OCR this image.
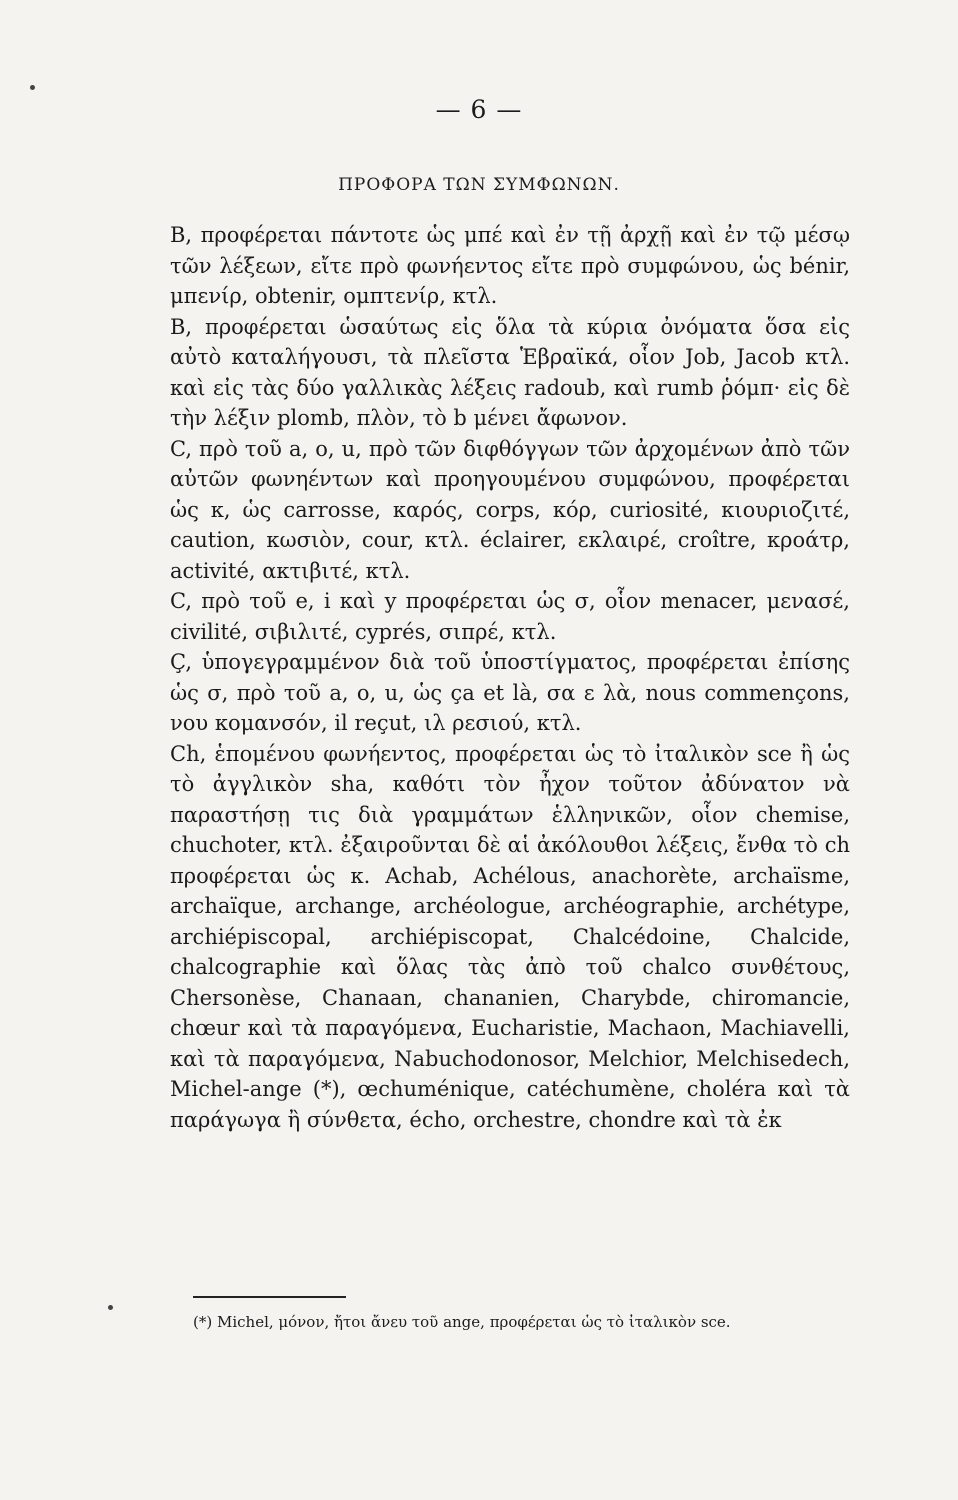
— 6 —
ΠΡΟΦΟΡΑ ΤΩΝ ΣΥΜΦΩΝΩΝ.

B, προφέρεται πάντοτε ὡς μπέ καὶ ἐν τῇ ἀρχῇ καὶ ἐν τῷ μέσῳ τῶν λέξεων, εἴτε πρὸ φωνήεντος εἴτε πρὸ συμφώνου, ὡς bénir, μπενίρ, obtenir, ομπτενίρ, κτλ.

B, προφέρεται ὡσαύτως εἰς ὅλα τὰ κύρια ὀνόματα ὅσα εἰς αὐτὸ καταλήγουσι, τὰ πλεῖστα Ἑβραϊκά, οἷον Job, Jacob κτλ. καὶ εἰς τὰς δύο γαλλικὰς λέξεις radoub, καὶ rumb ῥόμπ· εἰς δὲ τὴν λέξιν plomb, πλὸν, τὸ b μένει ἄφωνον.

C, πρὸ τοῦ a, o, u, πρὸ τῶν διφθόγγων τῶν ἀρχομένων ἀπὸ τῶν αὐτῶν φωνηέντων καὶ προηγουμένου συμφώνου, προφέρεται ὡς κ, ὡς carrosse, καρός, corps, κόρ, curiosité, κιουριοζιτέ, caution, κωσιὸν, cour, κτλ. éclairer, εκλαιρέ, croître, κροάτρ, activité, ακτιβιτέ, κτλ.

C, πρὸ τοῦ e, i καὶ y προφέρεται ὡς σ, οἷον menacer, μενασέ, civilité, σιβιλιτέ, cyprés, σιπρέ, κτλ.

Ç, ὑπογεγραμμένον διὰ τοῦ ὑποστίγματος, προφέρεται ἐπίσης ὡς σ, πρὸ τοῦ a, o, u, ὡς ça et là, σα ε λὰ, nous commençons, νου κομανσόν, il reçut, ιλ ρεσιού, κτλ.

Ch, ἑπομένου φωνήεντος, προφέρεται ὡς τὸ ἰταλικὸν sce ἢ ὡς τὸ ἀγγλικὸν sha, καθότι τὸν ἦχον τοῦτον ἀδύνατον νὰ παραστήσῃ τις διὰ γραμμάτων ἑλληνικῶν, οἷον chemise, chuchoter, κτλ. ἐξαιροῦνται δὲ αἱ ἀκόλουθοι λέξεις, ἔνθα τὸ ch προφέρεται ὡς κ. Achab, Achélous, anachorète, archaïsme, archaïque, archange, archéologue, archéographie, archétype, archiépiscopal, archiépiscopat, Chalcédoine, Chalcide, chalcographie καὶ ὅλας τὰς ἀπὸ τοῦ chalco συνθέτους, Chersonèse, Chanaan, chananien, Charybde, chiromancie, chœur καὶ τὰ παραγόμενα, Eucharistie, Machaon, Machiavelli, καὶ τὰ παραγόμενα, Nabuchodonosor, Melchior, Melchisedech, Michel-ange (*), œchuménique, catéchumène, choléra καὶ τὰ παράγωγα ἢ σύνθετα, écho, orchestre, chondre καὶ τὰ ἐκ

(*) Michel, μόνον, ἤτοι ἄνευ τοῦ ange, προφέρεται ὡς τὸ ἰταλικὸν sce.
